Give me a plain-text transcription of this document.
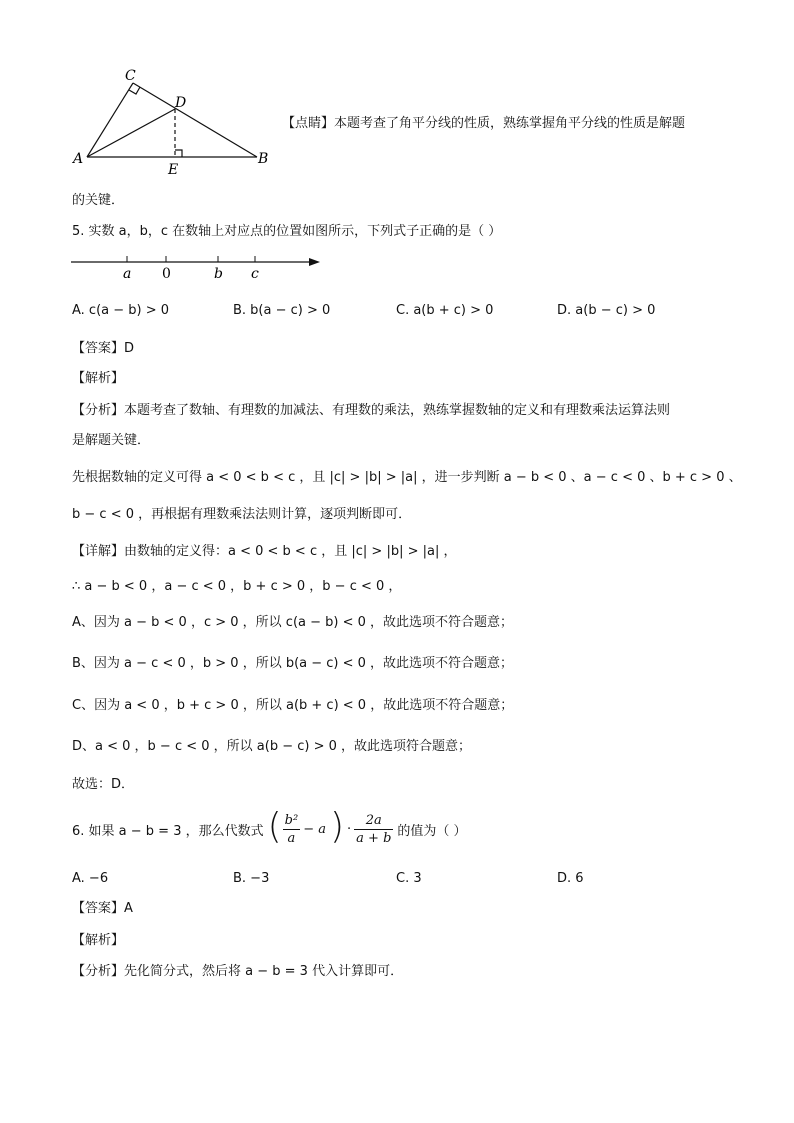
C
D
A
E
B
【点睛】本题考查了角平分线的性质，熟练掌握角平分线的性质是解题
的关键．
5. 实数 a，b，c 在数轴上对应点的位置如图所示，下列式子正确的是（ ）
a 0	b c
A. c(a − b) > 0	B. b(a − c) > 0	C. a(b + c) > 0	D. a(b − c) > 0
【答案】D
【解析】
【分析】本题考查了数轴、有理数的加减法、有理数的乘法，熟练掌握数轴的定义和有理数乘法运算法则
是解题关键．
先根据数轴的定义可得 a < 0 < b < c ，且 |c| > |b| > |a| ，进一步判断 a − b < 0 、a − c < 0 、b + c > 0 、
b − c < 0 ，再根据有理数乘法法则计算，逐项判断即可．
【详解】由数轴的定义得：a < 0 < b < c ，且 |c| > |b| > |a| ，
∴ a − b < 0 ，a − c < 0 ，b + c > 0 ，b − c < 0 ，
A、因为 a − b < 0 ，c > 0 ，所以 c(a − b) < 0 ，故此选项不符合题意；
B、因为 a − c < 0 ，b > 0 ，所以 b(a − c) < 0 ，故此选项不符合题意；
C、因为 a < 0 ，b + c > 0 ，所以 a(b + c) < 0 ，故此选项不符合题意；
D、a < 0 ，b − c < 0 ，所以 a(b − c) > 0 ，故此选项符合题意；
故选：D．
6. 如果 a − b = 3 ，那么代数式 ( $\frac{\text{b²}}{a} - a$ ) · $\frac{2a}{a + b}$ 的值为（ ）
A. −6	B. −3	C. 3	D. 6
【答案】A
【解析】
【分析】先化简分式，然后将 a − b = 3 代入计算即可．
